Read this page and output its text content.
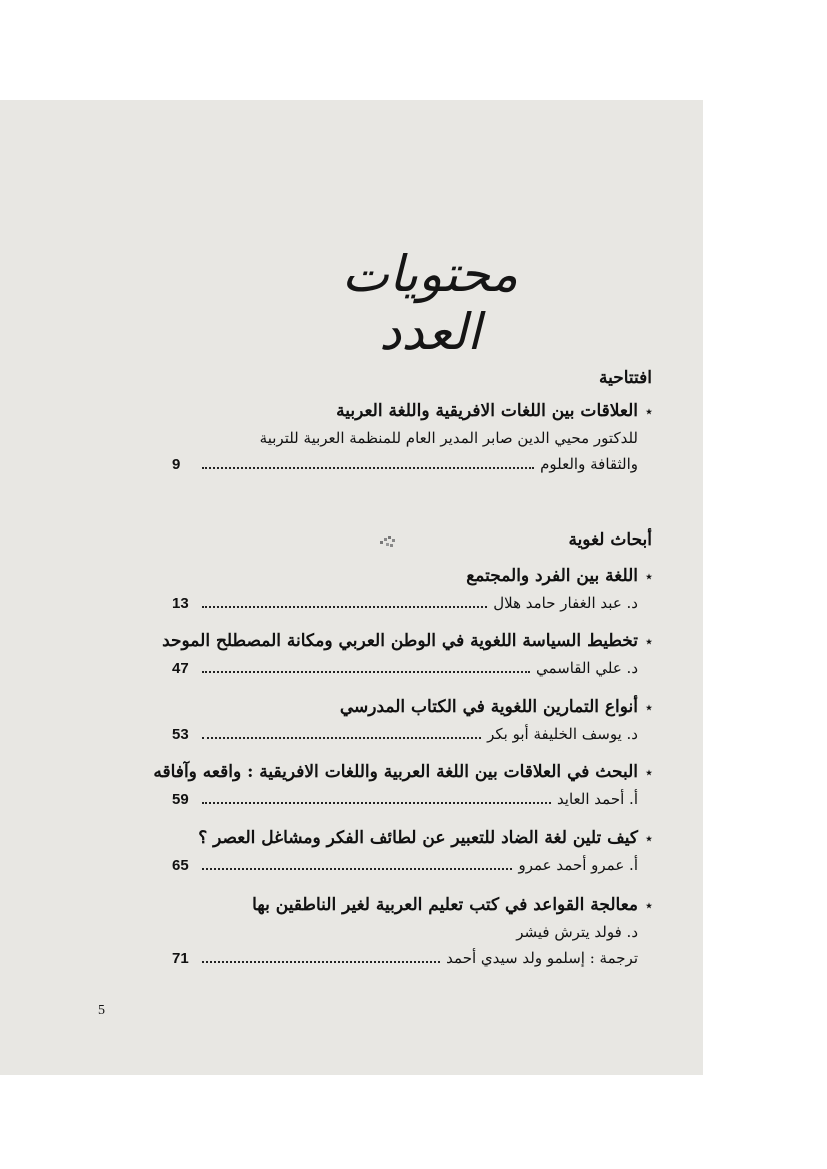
محتويات العدد
افتتاحية
٭العلاقات بين اللغات الافريقية واللغة العربية
للدكتور محيي الدين صابر المدير العام للمنظمة العربية للتربية
والثقافة والعلوم
9
أبحاث لغوية
٭اللغة بين الفرد والمجتمع
د. عبد الغفار حامد هلال
13
٭تخطيط السياسة اللغوية في الوطن العربي ومكانة المصطلح الموحد
د. علي القاسمي
47
٭أنواع التمارين اللغوية في الكتاب المدرسي
د. يوسف الخليفة أبو بكر
53
٭البحث في العلاقات بين اللغة العربية واللغات الافريقية : واقعه وآفاقه
أ. أحمد العايد
59
٭كيف تلين لغة الضاد للتعبير عن لطائف الفكر ومشاغل العصر ؟
أ. عمرو أحمد عمرو
65
٭معالجة القواعد في كتب تعليم العربية لغير الناطقين بها
د. فولد يترش فيشر
ترجمة : إسلمو ولد سيدي أحمد
71
5
